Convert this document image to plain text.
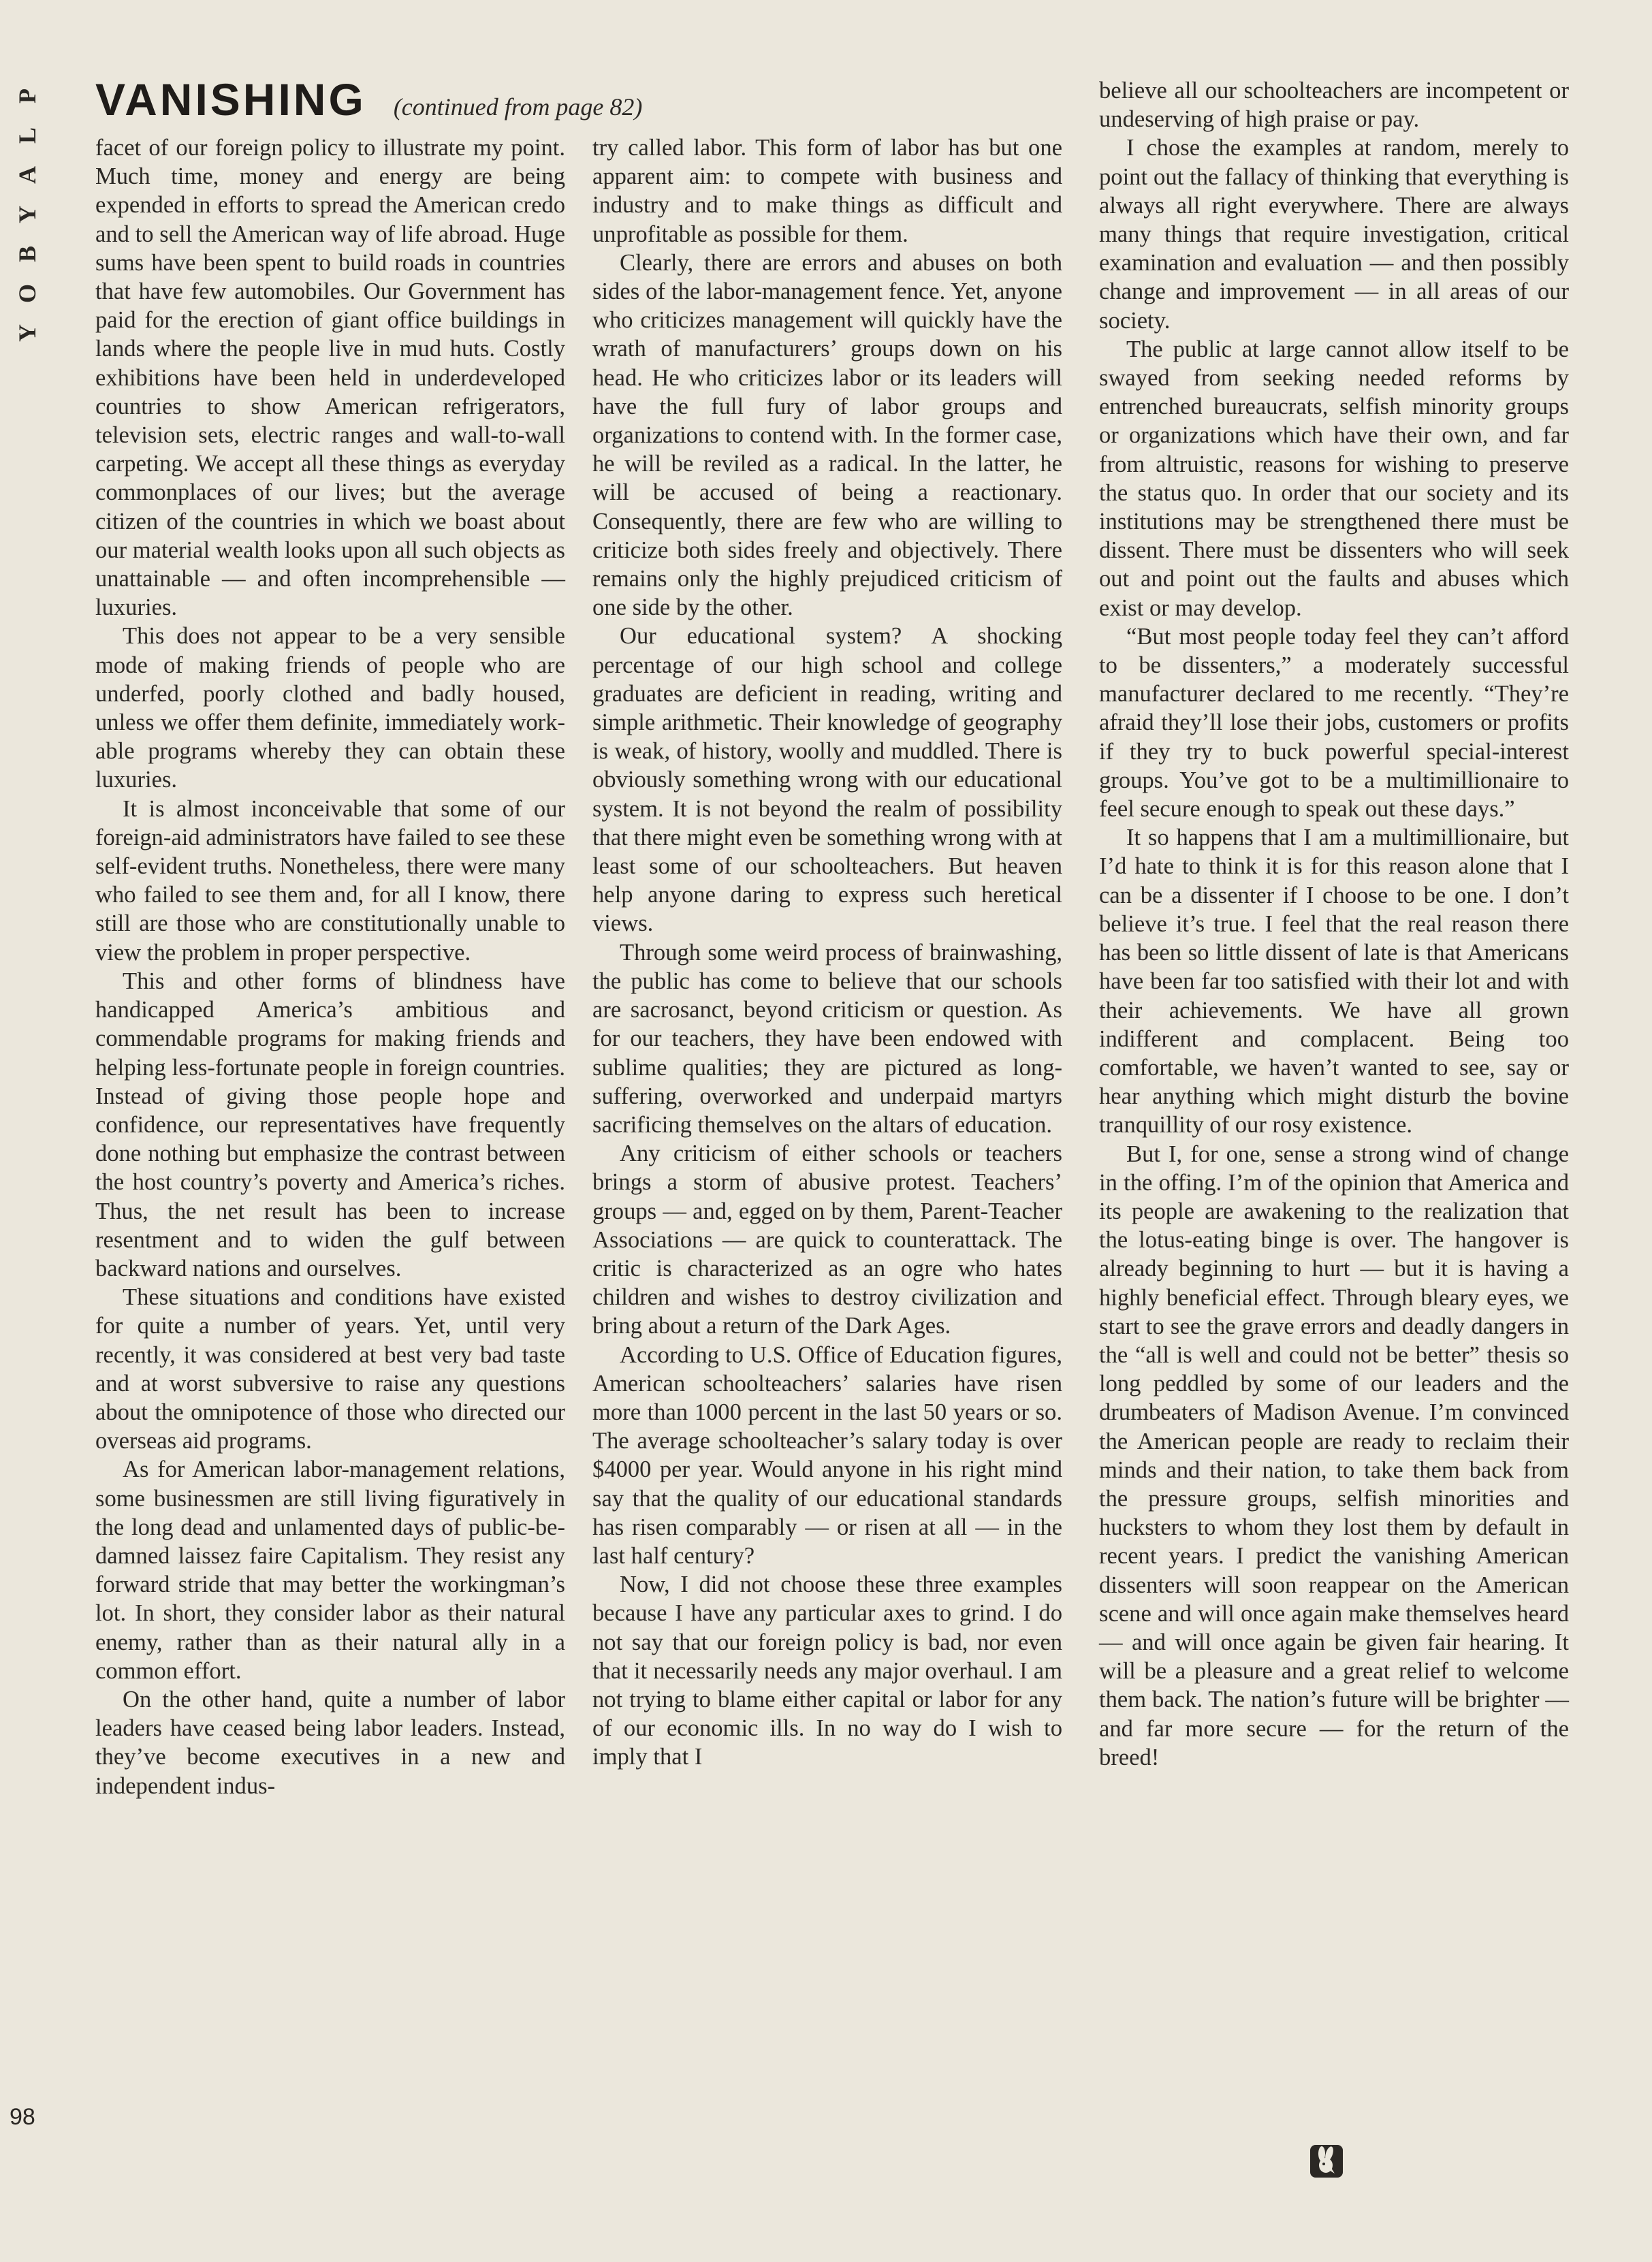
P
L
A
Y
B
O
Y
VANISHING (continued from page 82)

facet of our foreign policy to illustrate my point. Much time, money and energy are being expended in efforts to spread the American credo and to sell the American way of life abroad. Huge sums have been spent to build roads in countries that have few automobiles. Our Government has paid for the erection of giant office buildings in lands where the people live in mud huts. Costly exhibitions have been held in underdeveloped countries to show American refrigerators, television sets, electric ranges and wall-to-wall carpeting. We accept all these things as everyday commonplaces of our lives; but the average citizen of the countries in which we boast about our material wealth looks upon all such objects as unattainable — and often incomprehensible — luxuries.

This does not appear to be a very sensible mode of making friends of people who are underfed, poorly clothed and badly housed, unless we offer them definite, immediately workable programs whereby they can obtain these luxuries.

It is almost inconceivable that some of our foreign-aid administrators have failed to see these self-evident truths. Nonetheless, there were many who failed to see them and, for all I know, there still are those who are constitutionally unable to view the problem in proper perspective.

This and other forms of blindness have handicapped America’s ambitious and commendable programs for making friends and helping less-fortunate people in foreign countries. Instead of giving those people hope and confidence, our representatives have frequently done nothing but emphasize the contrast between the host country’s poverty and America’s riches. Thus, the net result has been to increase resentment and to widen the gulf between backward nations and ourselves.

These situations and conditions have existed for quite a number of years. Yet, until very recently, it was considered at best very bad taste and at worst subversive to raise any questions about the omnipotence of those who directed our overseas aid programs.

As for American labor-management relations, some businessmen are still living figuratively in the long dead and unlamented days of public-be-damned laissez faire Capitalism. They resist any forward stride that may better the workingman’s lot. In short, they consider labor as their natural enemy, rather than as their natural ally in a common effort.

On the other hand, quite a number of labor leaders have ceased being labor leaders. Instead, they’ve become executives in a new and independent indus-

try called labor. This form of labor has but one apparent aim: to compete with business and industry and to make things as difficult and unprofitable as possible for them.

Clearly, there are errors and abuses on both sides of the labor-management fence. Yet, anyone who criticizes management will quickly have the wrath of manufacturers’ groups down on his head. He who criticizes labor or its leaders will have the full fury of labor groups and organizations to contend with. In the former case, he will be reviled as a radical. In the latter, he will be accused of being a reactionary. Consequently, there are few who are willing to criticize both sides freely and objectively. There remains only the highly prejudiced criticism of one side by the other.

Our educational system? A shocking percentage of our high school and college graduates are deficient in reading, writing and simple arithmetic. Their knowledge of geography is weak, of history, woolly and muddled. There is obviously something wrong with our educational system. It is not beyond the realm of possibility that there might even be something wrong with at least some of our schoolteachers. But heaven help anyone daring to express such heretical views.

Through some weird process of brainwashing, the public has come to believe that our schools are sacrosanct, beyond criticism or question. As for our teachers, they have been endowed with sublime qualities; they are pictured as long-suffering, overworked and underpaid martyrs sacrificing themselves on the altars of education.

Any criticism of either schools or teachers brings a storm of abusive protest. Teachers’ groups — and, egged on by them, Parent-Teacher Associations — are quick to counterattack. The critic is characterized as an ogre who hates children and wishes to destroy civilization and bring about a return of the Dark Ages.

According to U.S. Office of Education figures, American schoolteachers’ salaries have risen more than 1000 percent in the last 50 years or so. The average schoolteacher’s salary today is over $4000 per year. Would anyone in his right mind say that the quality of our educational standards has risen comparably — or risen at all — in the last half century?

Now, I did not choose these three examples because I have any particular axes to grind. I do not say that our foreign policy is bad, nor even that it necessarily needs any major overhaul. I am not trying to blame either capital or labor for any of our economic ills. In no way do I wish to imply that I

believe all our schoolteachers are incompetent or undeserving of high praise or pay.

I chose the examples at random, merely to point out the fallacy of thinking that everything is always all right everywhere. There are always many things that require investigation, critical examination and evaluation — and then possibly change and improvement — in all areas of our society.

The public at large cannot allow itself to be swayed from seeking needed reforms by entrenched bureaucrats, selfish minority groups or organizations which have their own, and far from altruistic, reasons for wishing to preserve the status quo. In order that our society and its institutions may be strengthened there must be dissent. There must be dissenters who will seek out and point out the faults and abuses which exist or may develop.

“But most people today feel they can’t afford to be dissenters,” a moderately successful manufacturer declared to me recently. “They’re afraid they’ll lose their jobs, customers or profits if they try to buck powerful special-interest groups. You’ve got to be a multimillionaire to feel secure enough to speak out these days.”

It so happens that I am a multimillionaire, but I’d hate to think it is for this reason alone that I can be a dissenter if I choose to be one. I don’t believe it’s true. I feel that the real reason there has been so little dissent of late is that Americans have been far too satisfied with their lot and with their achievements. We have all grown indifferent and complacent. Being too comfortable, we haven’t wanted to see, say or hear anything which might disturb the bovine tranquillity of our rosy existence.

But I, for one, sense a strong wind of change in the offing. I’m of the opinion that America and its people are awakening to the realization that the lotus-eating binge is over. The hangover is already beginning to hurt — but it is having a highly beneficial effect. Through bleary eyes, we start to see the grave errors and deadly dangers in the “all is well and could not be better” thesis so long peddled by some of our leaders and the drumbeaters of Madison Avenue. I’m convinced the American people are ready to reclaim their minds and their nation, to take them back from the pressure groups, selfish minorities and hucksters to whom they lost them by default in recent years. I predict the vanishing American dissenters will soon reappear on the American scene and will once again make themselves heard — and will once again be given fair hearing. It will be a pleasure and a great relief to welcome them back. The nation’s future will be brighter — and far more secure — for the return of the breed!

98
